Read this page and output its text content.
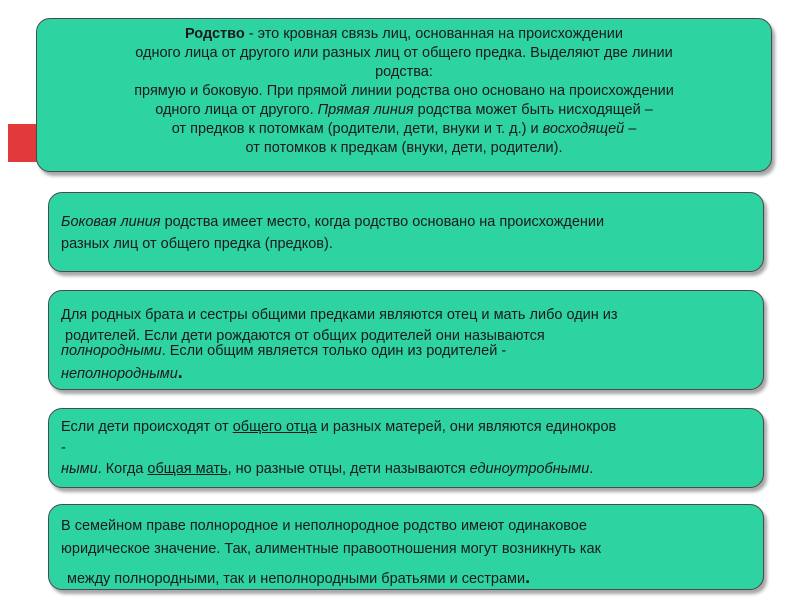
Родство - это кровная связь лиц, основанная на происхождении

одного лица от другого или разных лиц от общего предка. Выделяют две линии

родства:

прямую и боковую. При прямой линии родства оно основано на происхождении

одного лица от другого. Прямая линия родства может быть нисходящей –

от предков к потомкам (родители, дети, внуки и т. д.) и восходящей –

от потомков к предкам (внуки, дети, родители).

Боковая линия родства имеет место, когда родство основано на происхождении

разных лиц от общего предка (предков).

Для родных брата и сестры общими предками являются отец и мать либо один из

родителей. Если дети рождаются от общих родителей они называются

полнородными. Если общим является только один из родителей -

неполнородными.

Если дети происходят от общего отца и разных матерей, они являются единокров

-

ными. Когда общая мать, но разные отцы, дети называются единоутробными.

В семейном праве полнородное и неполнородное родство имеют одинаковое

юридическое значение. Так, алиментные правоотношения могут возникнуть как

между полнородными, так и неполнородными братьями и сестрами.
